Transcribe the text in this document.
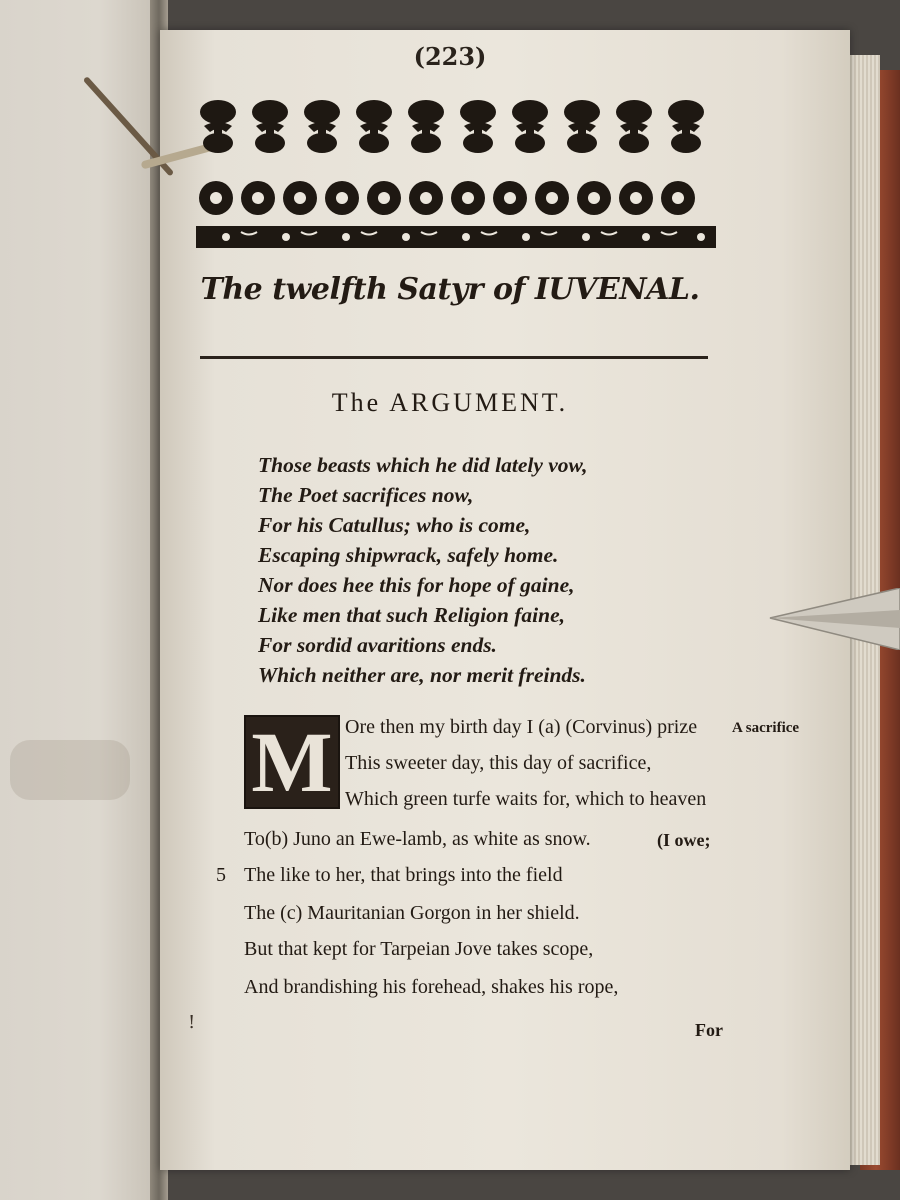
(223)
The twelfth Satyr of IUVENAL.
The ARGUMENT.
Those beasts which he did lately vow,
The Poet sacrifices now,
For his Catullus; who is come,
Escaping shipwrack, safely home.
Nor does hee this for hope of gaine,
Like men that such Religion faine,
For sordid avaritions ends.
Which neither are, nor merit freinds.
M Ore then my birth day I (a) (Corvinus) prize
This sweeter day, this day of sacrifice,
Which green turfe waits for, which to heaven
To(b) Juno an Ewe-lamb, as white as snow.
The like to her, that brings into the field
The (c) Mauritanian Gorgon in her shield.
But that kept for Tarpeian Jove takes scope,
And brandishing his forehead, shakes his rope,
A sacrifice
(I owe;
5
!	For
